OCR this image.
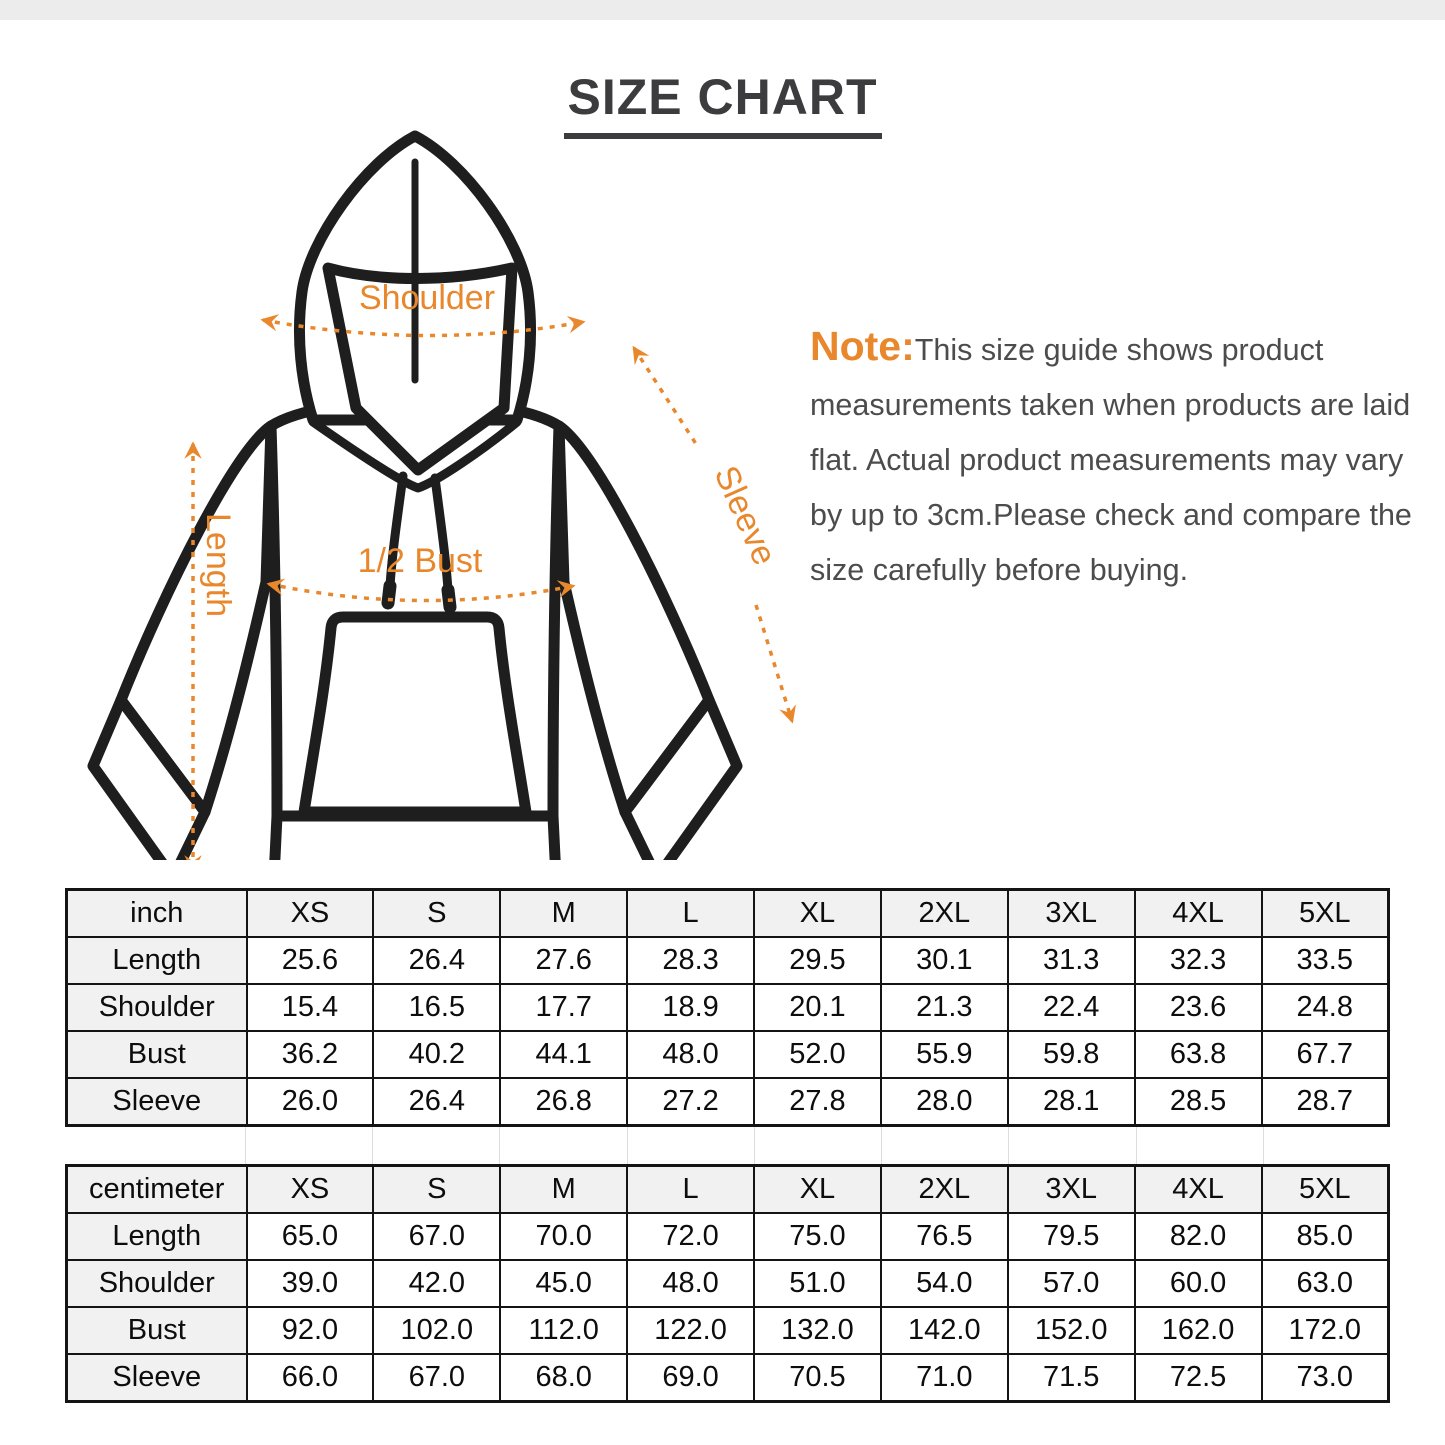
SIZE CHART
Shoulder
Length	1/2 Bust	Sleeve

Note:This size guide shows product measurements taken when products are laid flat. Actual product measurements may vary by up to 3cm.Please check and compare the size carefully before buying.

inch	XS	S	M	L	XL	2XL	3XL	4XL	5XL
Length	25.6	26.4	27.6	28.3	29.5	30.1	31.3	32.3	33.5
Shoulder	15.4	16.5	17.7	18.9	20.1	21.3	22.4	23.6	24.8
Bust	36.2	40.2	44.1	48.0	52.0	55.9	59.8	63.8	67.7
Sleeve	26.0	26.4	26.8	27.2	27.8	28.0	28.1	28.5	28.7
centimeter	XS	S	M	L	XL	2XL	3XL	4XL	5XL
Length	65.0	67.0	70.0	72.0	75.0	76.5	79.5	82.0	85.0
Shoulder	39.0	42.0	45.0	48.0	51.0	54.0	57.0	60.0	63.0
Bust	92.0	102.0	112.0	122.0	132.0	142.0	152.0	162.0	172.0
Sleeve	66.0	67.0	68.0	69.0	70.5	71.0	71.5	72.5	73.0
